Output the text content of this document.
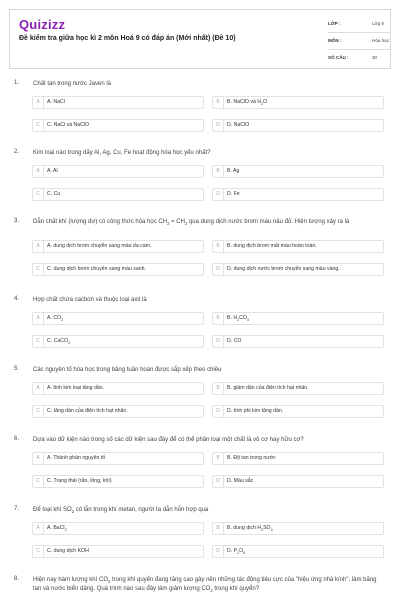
Quizizz
Đề kiểm tra giữa học kì 2 môn Hoá 9 có đáp án (Mới nhất) (Đề 10)
LỚP :	Lớp 9
MÔN :	Hóa học
SỐ CÂU :	30
1. Chất tan trong nước Javen là
A	A. NaCl	B	B. NaClO và $H_2O$
C	C. NaCl và NaClO	D	D. NaClO
2. Kim loại nào trong dãy Al, Ag, Cu, Fe hoạt động hóa học yếu nhất?
A	A. Al	B	B. Ag
C	C. Cu	D	D. Fe
3. Dẫn chất khí (lượng dư) có công thức hóa học $CH_2 = CH_2$ qua dung dịch nước brom màu nâu đỏ. Hiện tượng xảy ra là
A	A. dung dịch brom chuyển sang màu da cam.	B	B. dung dịch brom mất màu hoàn toàn.
C	C. dung dịch brom chuyển sang màu xanh.	D	D. dung dịch nước brom chuyển sang màu vàng.
4. Hợp chất chứa cacbon và thuộc loại axit là
A	A. $CO_2$	B	B. $H_2CO_3$
C	C. CaCO$_3$	D	D. CO
5. Các nguyên tố hóa học trong bảng tuần hoàn được sắp xếp theo chiều
A	A. tính kim loại tăng dần.	B	B. giảm dần của điện tích hạt nhân.
C	C. tăng dần của điện tích hạt nhân.	D	D. tính phi kim tăng dần.
6. Dựa vào dữ kiện nào trong số các dữ kiện sau đây để có thể phân loại một chất là vô cơ hay hữu cơ?
A	A. Thành phần nguyên tố	B	B. Độ tan trong nước
C	C. Trạng thái (rắn, lỏng, khí)	D	D. Màu sắc
7. Để loại khí $SO_2$ có lẫn trong khí metan, người ta dẫn hỗn hợp qua
A	A. BaCl$_2$	B	B. dung dịch $H_2SO_4$
C	C. dung dịch KOH	D	D. $P_2O_5$
8. Hiện nay hàm lượng khí $CO_2$ trong khí quyển đang tăng cao gây nên những tác động tiêu cực của "hiệu ứng nhà kính", làm băng tan và nước biển dâng. Quá trình nào sau đây làm giảm lượng $CO_2$ trong khí quyển?
